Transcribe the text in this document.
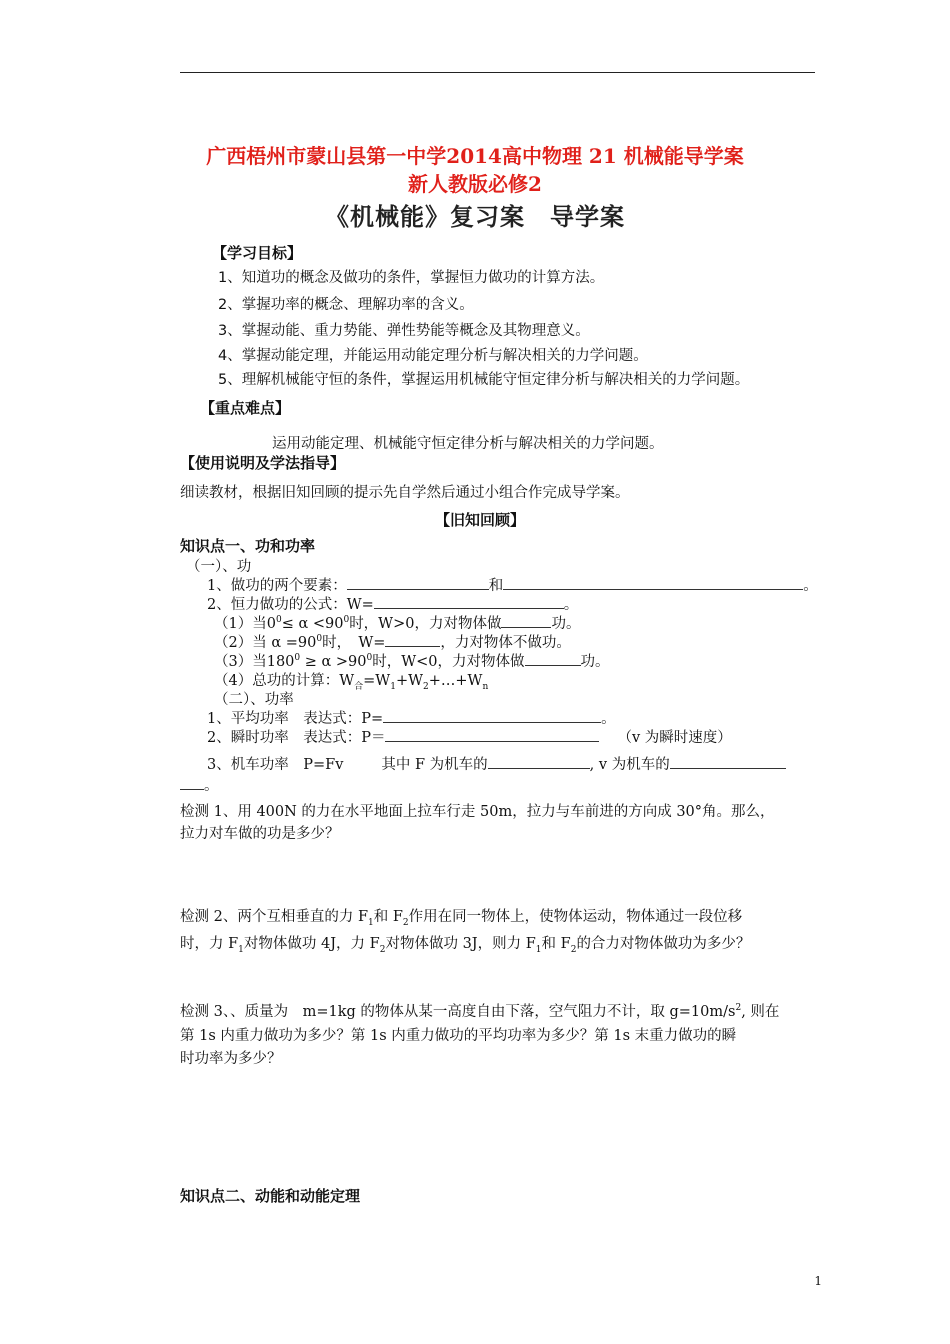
广西梧州市蒙山县第一中学2014高中物理 21 机械能导学案
新人教版必修2
《机械能》复习案　导学案
【学习目标】
1、知道功的概念及做功的条件，掌握恒力做功的计算方法。
2、掌握功率的概念、理解功率的含义。
3、掌握动能、重力势能、弹性势能等概念及其物理意义。
4、掌握动能定理，并能运用动能定理分析与解决相关的力学问题。
5、理解机械能守恒的条件，掌握运用机械能守恒定律分析与解决相关的力学问题。
【重点难点】
运用动能定理、机械能守恒定律分析与解决相关的力学问题。
【使用说明及学法指导】
细读教材，根据旧知回顾的提示先自学然后通过小组合作完成导学案。
【旧知回顾】
知识点一、功和功率
（一）、功
1、做功的两个要素：	和	。
2、恒力做功的公式：W=	。
（1）当$0^0\le \alpha <90^0$时，W>0，力对物体做	功。
（2）当 $\alpha =90^0$时，　W=	，力对物体不做功。
（3）当$180^0 \ge \alpha >90^0$时，W<0，力对物体做	功。
（4）总功的计算：$W_合=W_1+W_2+\dots+W_n$
（二）、功率
1、平均功率　表达式：P=	。
2、瞬时功率　表达式：P＝	（v 为瞬时速度）
3、机车功率　P=Fv	其中 F 为机车的	, v 为机车的
。
检测 1、用 400N 的力在水平地面上拉车行走 50m，拉力与车前进的方向成 30°角。那么，
拉力对车做的功是多少？
检测 2、两个互相垂直的力 $F_1$和 $F_2$作用在同一物体上，使物体运动，物体通过一段位移
时，力 $F_1$对物体做功 4J，力 $F_2$对物体做功 3J，则力 $F_1$和 $F_2$的合力对物体做功为多少？
检测 3、、质量为　m=1kg 的物体从某一高度自由下落，空气阻力不计，取 $g=10m/s^2$, 则在
第 1s 内重力做功为多少？第 1s 内重力做功的平均功率为多少？第 1s 末重力做功的瞬
时功率为多少？
知识点二、动能和动能定理
1
